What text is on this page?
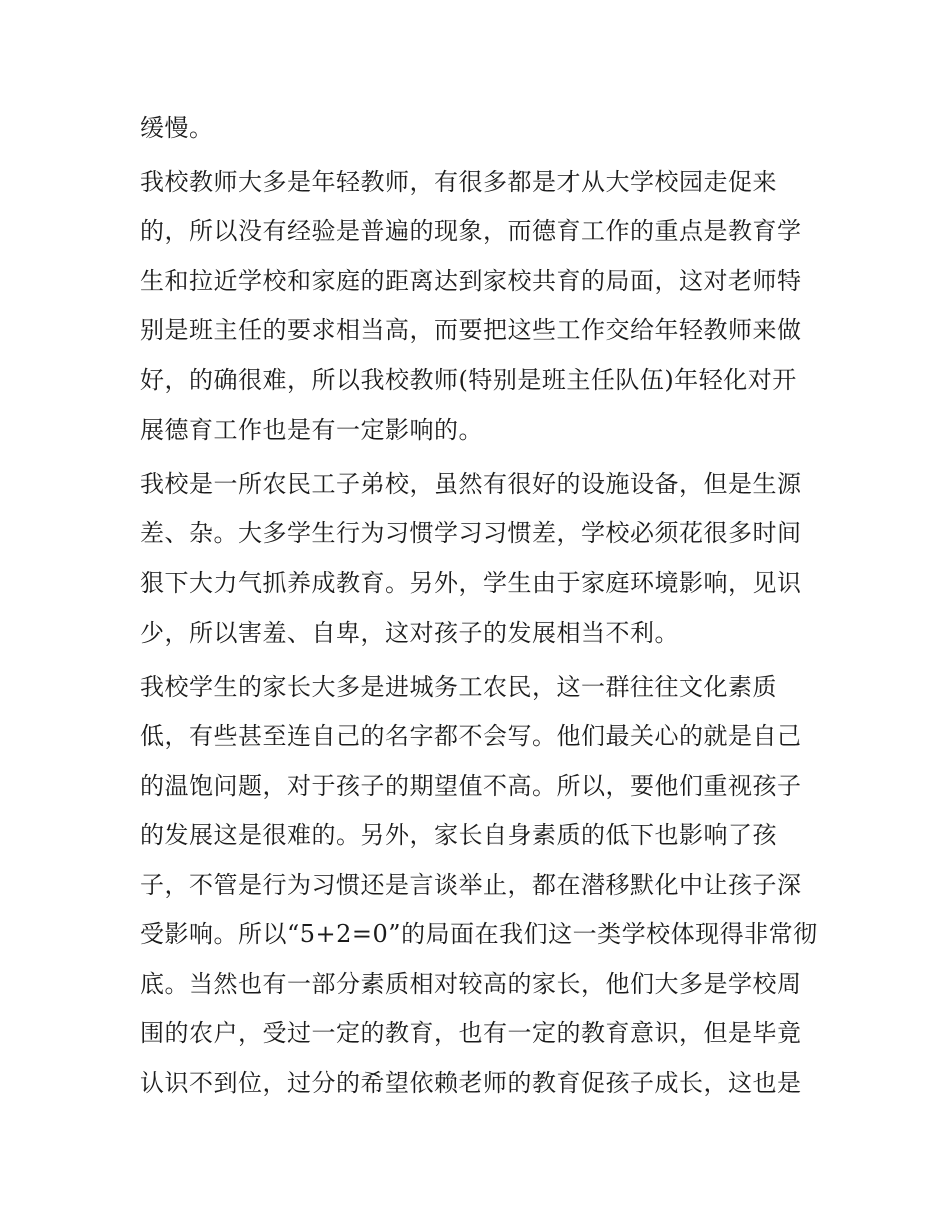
缓慢。
我校教师大多是年轻教师，有很多都是才从大学校园走促来
的，所以没有经验是普遍的现象，而德育工作的重点是教育学
生和拉近学校和家庭的距离达到家校共育的局面，这对老师特
别是班主任的要求相当高，而要把这些工作交给年轻教师来做
好，的确很难，所以我校教师(特别是班主任队伍)年轻化对开
展德育工作也是有一定影响的。
我校是一所农民工子弟校，虽然有很好的设施设备，但是生源
差、杂。大多学生行为习惯学习习惯差，学校必须花很多时间
狠下大力气抓养成教育。另外，学生由于家庭环境影响，见识
少，所以害羞、自卑，这对孩子的发展相当不利。
我校学生的家长大多是进城务工农民，这一群往往文化素质
低，有些甚至连自己的名字都不会写。他们最关心的就是自己
的温饱问题，对于孩子的期望值不高。所以，要他们重视孩子
的发展这是很难的。另外，家长自身素质的低下也影响了孩
子，不管是行为习惯还是言谈举止，都在潜移默化中让孩子深
受影响。所以“5+2=0”的局面在我们这一类学校体现得非常彻
底。当然也有一部分素质相对较高的家长，他们大多是学校周
围的农户，受过一定的教育，也有一定的教育意识，但是毕竟
认识不到位，过分的希望依赖老师的教育促孩子成长，这也是
